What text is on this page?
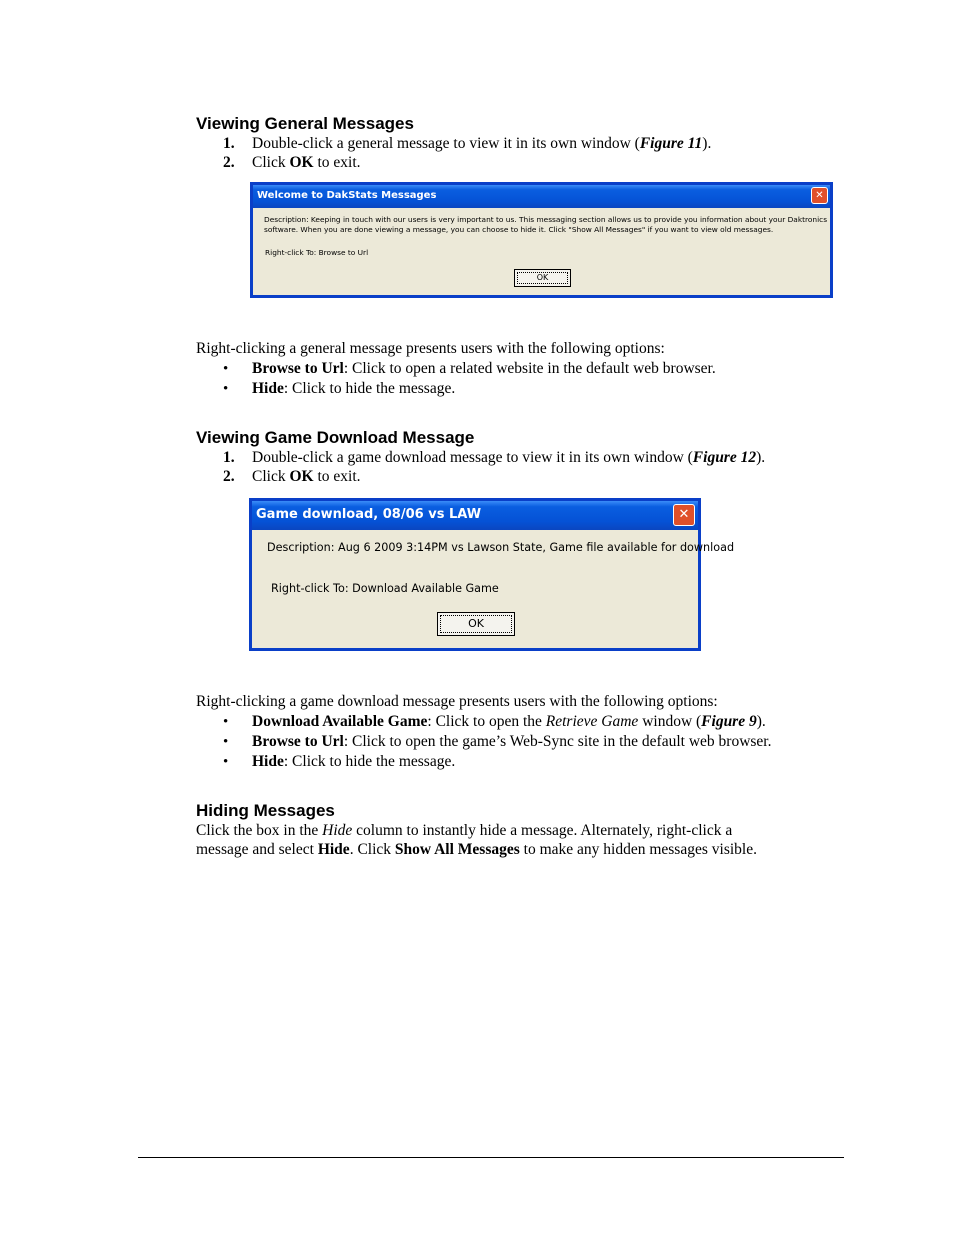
Viewing General Messages
1. Double-click a general message to view it in its own window (Figure 11).
2. Click OK to exit.
Welcome to DakStats Messages	✕
Description: Keeping in touch with our users is very important to us. This messaging section allows us to provide you information about your Daktronics
software. When you are done viewing a message, you can choose to hide it. Click "Show All Messages" if you want to view old messages.
Right-click To: Browse to Url
OK
Right-clicking a general message presents users with the following options:
• Browse to Url: Click to open a related website in the default web browser.
• Hide: Click to hide the message.
Viewing Game Download Message
1. Double-click a game download message to view it in its own window (Figure 12).
2. Click OK to exit.
Game download, 08/06 vs LAW	✕
Description: Aug 6 2009 3:14PM vs Lawson State, Game file available for download
Right-click To: Download Available Game
OK
Right-clicking a game download message presents users with the following options:
• Download Available Game: Click to open the Retrieve Game window (Figure 9).
• Browse to Url: Click to open the game’s Web-Sync site in the default web browser.
• Hide: Click to hide the message.
Hiding Messages
Click the box in the Hide column to instantly hide a message. Alternately, right-click a
message and select Hide. Click Show All Messages to make any hidden messages visible.
